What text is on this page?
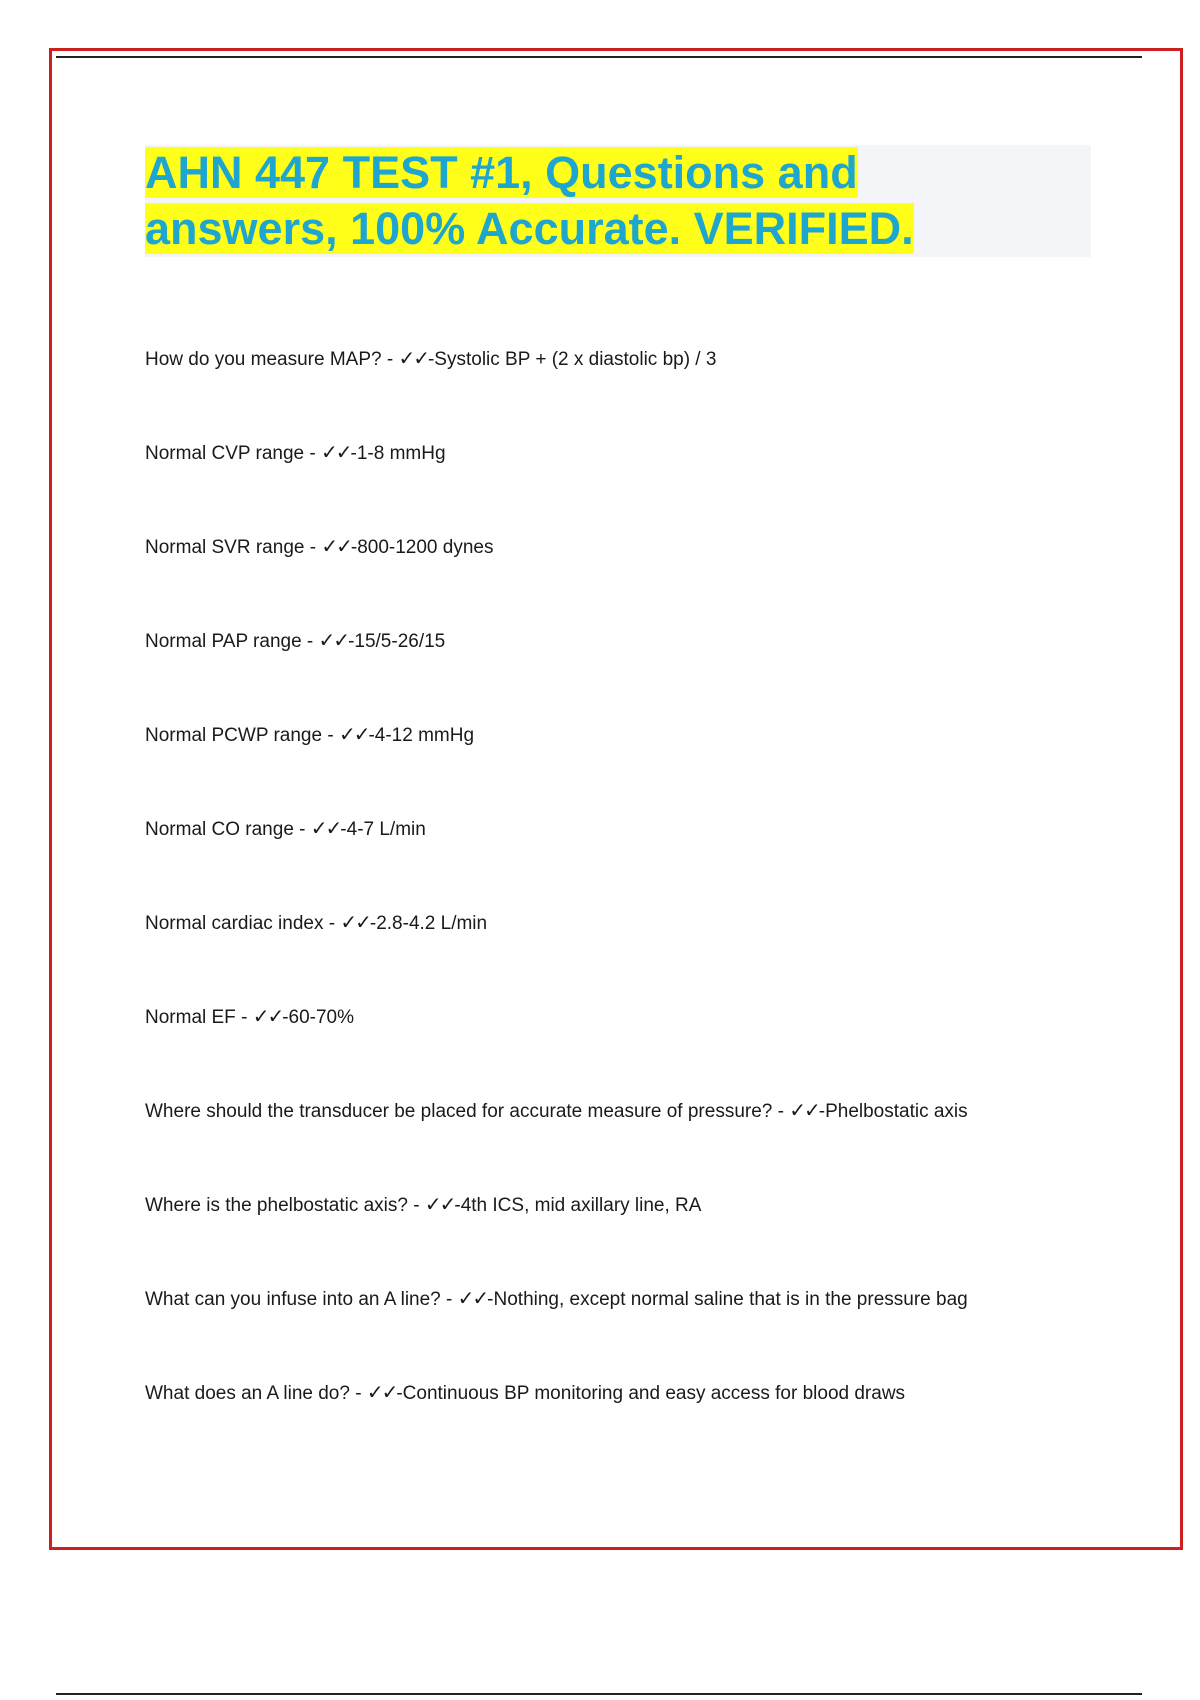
AHN 447 TEST #1, Questions and answers, 100% Accurate. VERIFIED.
How do you measure MAP? - ✓✓-Systolic BP + (2 x diastolic bp) / 3
Normal CVP range - ✓✓-1-8 mmHg
Normal SVR range - ✓✓-800-1200 dynes
Normal PAP range - ✓✓-15/5-26/15
Normal PCWP range - ✓✓-4-12 mmHg
Normal CO range - ✓✓-4-7 L/min
Normal cardiac index - ✓✓-2.8-4.2 L/min
Normal EF - ✓✓-60-70%
Where should the transducer be placed for accurate measure of pressure? - ✓✓-Phelbostatic axis
Where is the phelbostatic axis? - ✓✓-4th ICS, mid axillary line, RA
What can you infuse into an A line? - ✓✓-Nothing, except normal saline that is in the pressure bag
What does an A line do? - ✓✓-Continuous BP monitoring and easy access for blood draws
